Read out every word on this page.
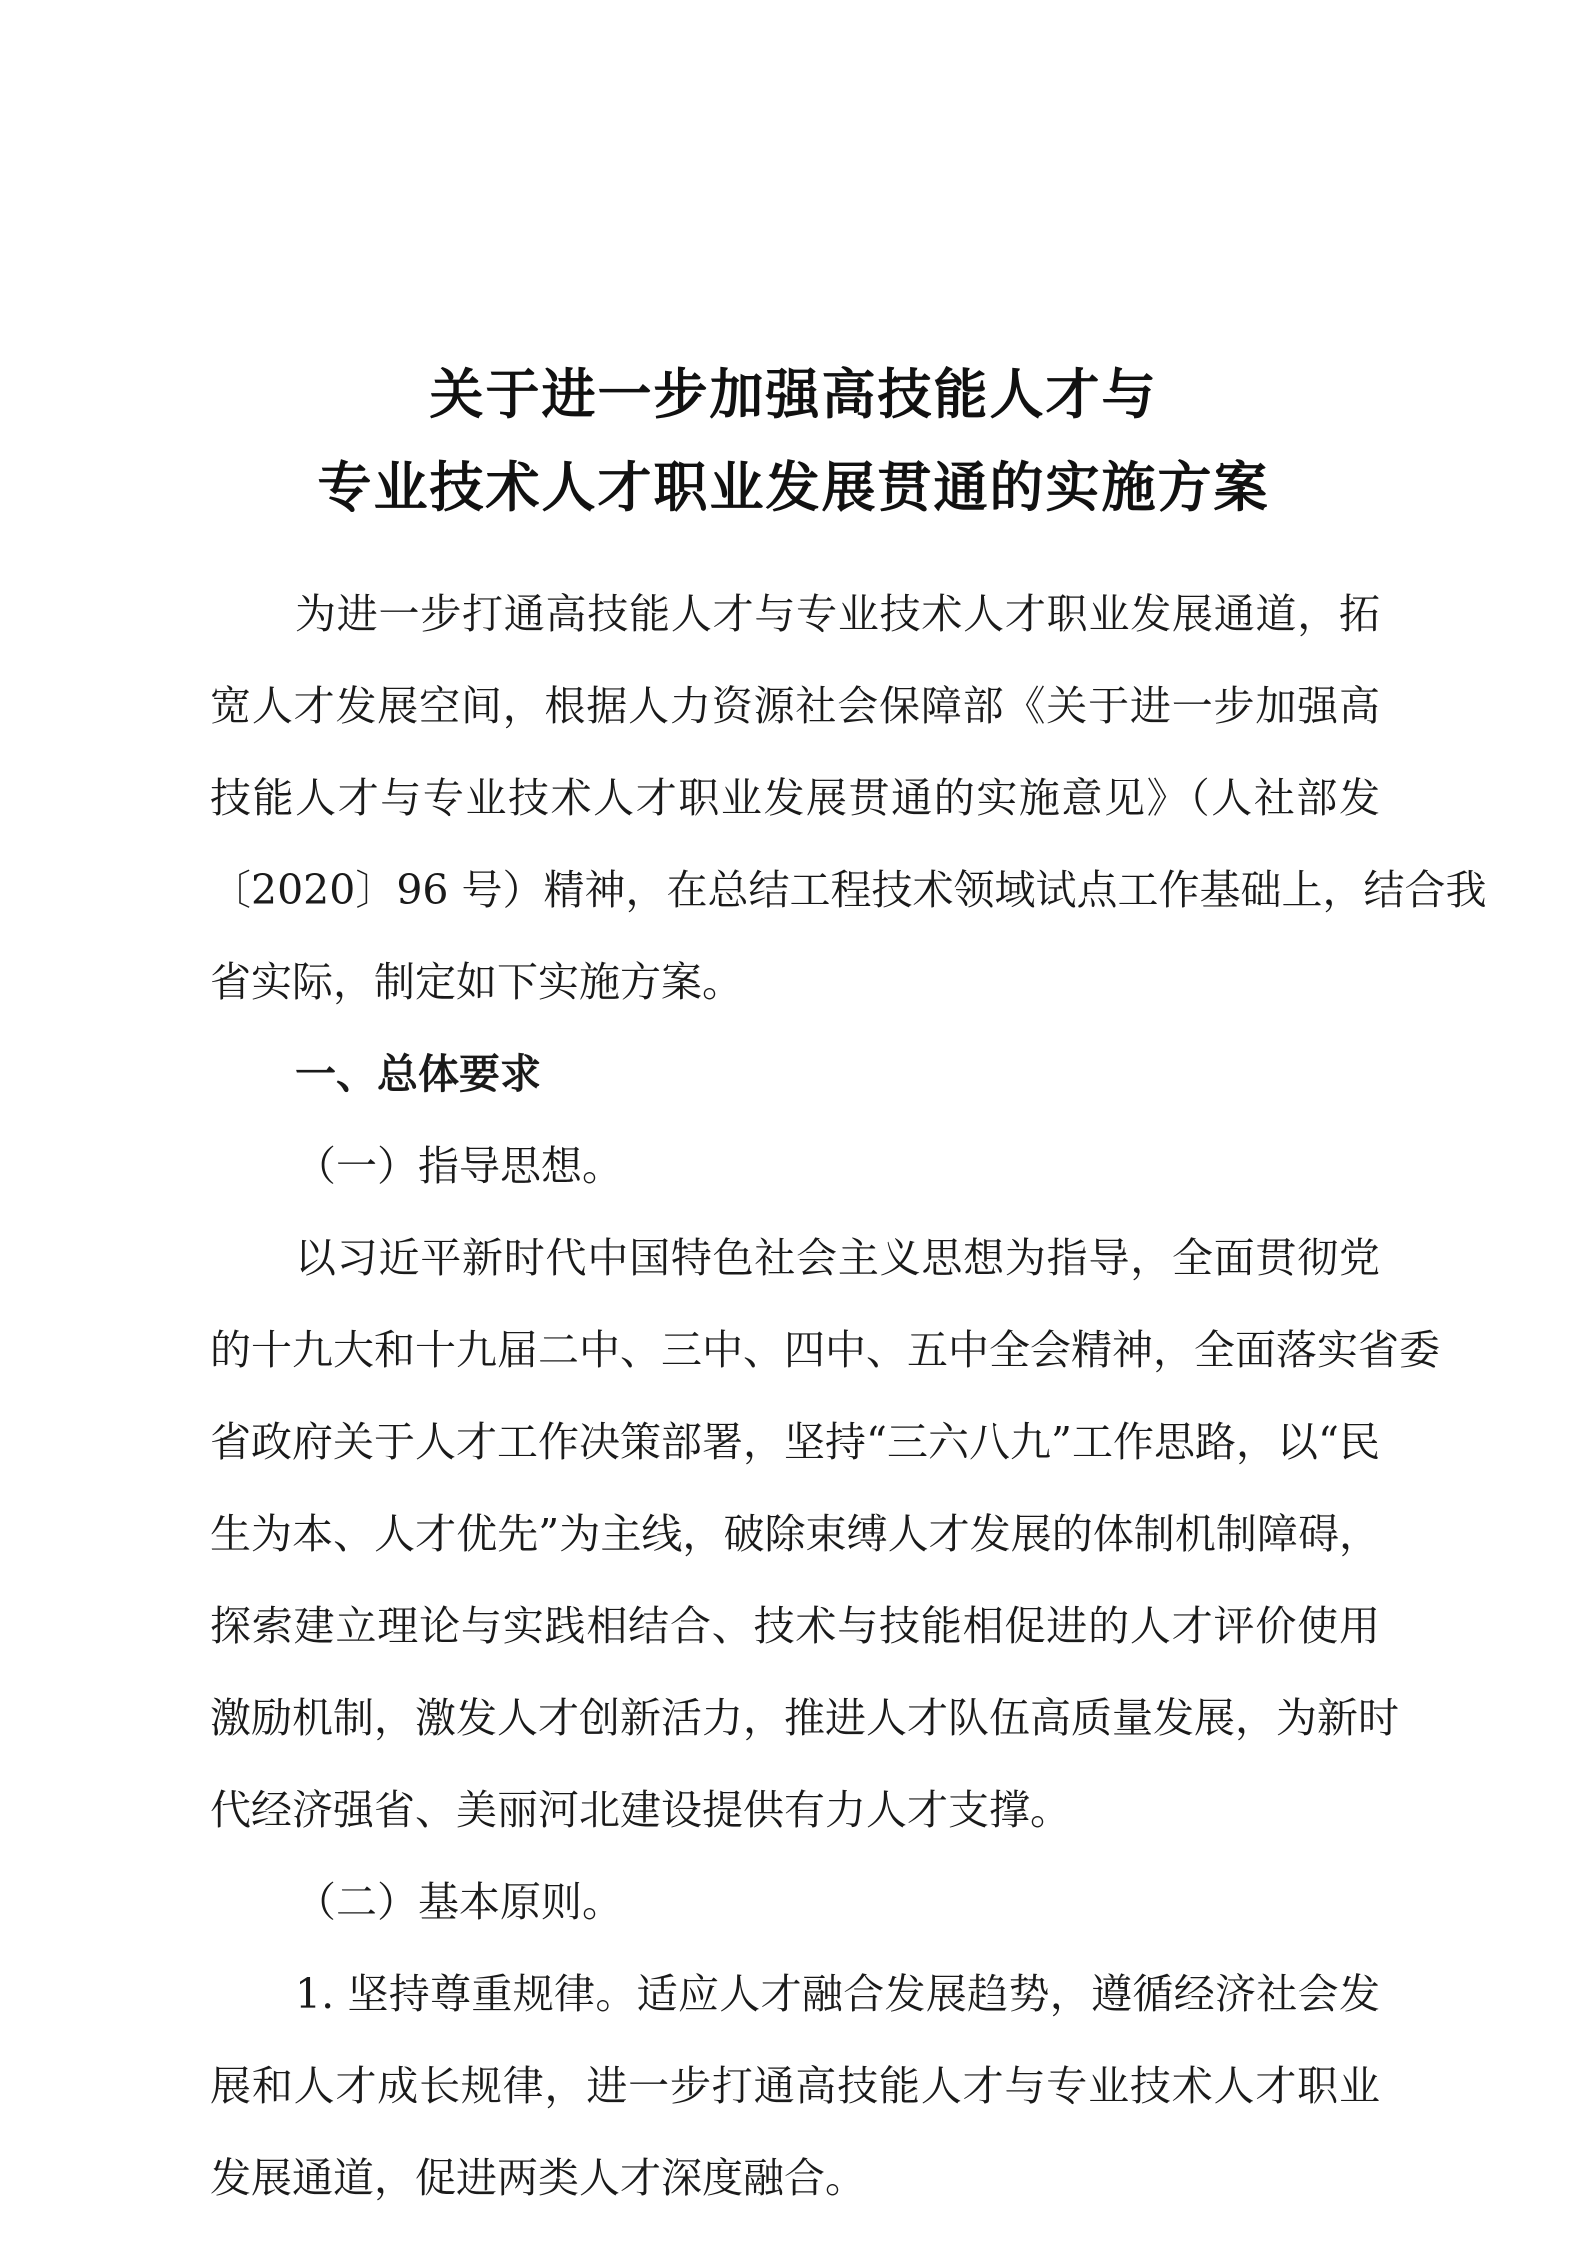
关于进一步加强高技能人才与
专业技术人才职业发展贯通的实施方案
为进一步打通高技能人才与专业技术人才职业发展通道，拓
宽人才发展空间，根据人力资源社会保障部《关于进一步加强高
技能人才与专业技术人才职业发展贯通的实施意见》（人社部发
〔2020〕96 号）精神，在总结工程技术领域试点工作基础上，结合我
省实际，制定如下实施方案。
一、总体要求
（一）指导思想。
以习近平新时代中国特色社会主义思想为指导，全面贯彻党
的十九大和十九届二中、三中、四中、五中全会精神，全面落实省委
省政府关于人才工作决策部署，坚持“三六八九”工作思路，以“民
生为本、人才优先”为主线，破除束缚人才发展的体制机制障碍，
探索建立理论与实践相结合、技术与技能相促进的人才评价使用
激励机制，激发人才创新活力，推进人才队伍高质量发展，为新时
代经济强省、美丽河北建设提供有力人才支撑。
（二）基本原则。
1. 坚持尊重规律。适应人才融合发展趋势，遵循经济社会发
展和人才成长规律，进一步打通高技能人才与专业技术人才职业
发展通道，促进两类人才深度融合。
